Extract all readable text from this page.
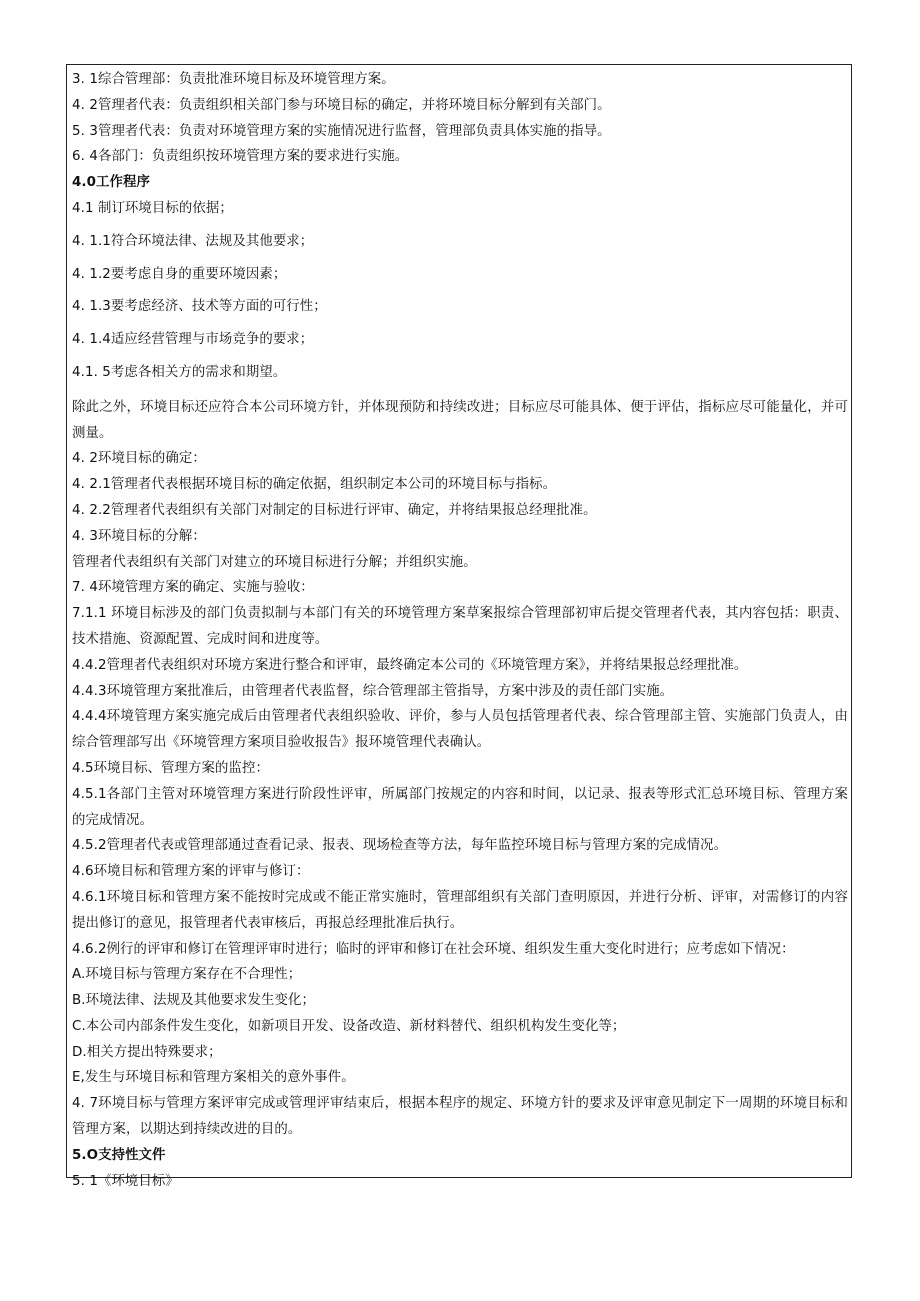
3. 1综合管理部：负责批准环境目标及环境管理方案。
4. 2管理者代表：负责组织相关部门参与环境目标的确定，并将环境目标分解到有关部门。
5. 3管理者代表：负责对环境管理方案的实施情况进行监督，管理部负责具体实施的指导。
6. 4各部门：负责组织按环境管理方案的要求进行实施。
4.0工作程序
4.1 制订环境目标的依据；
4. 1.1符合环境法律、法规及其他要求；
4. 1.2要考虑自身的重要环境因素；
4. 1.3要考虑经济、技术等方面的可行性；
4. 1.4适应经营管理与市场竞争的要求；
4.1. 5考虑各相关方的需求和期望。
除此之外，环境目标还应符合本公司环境方针，并体现预防和持续改进；目标应尽可能具体、便于评估，指标应尽可能量化，并可测量。
4. 2环境目标的确定：
4. 2.1管理者代表根据环境目标的确定依据，组织制定本公司的环境目标与指标。
4. 2.2管理者代表组织有关部门对制定的目标进行评审、确定，并将结果报总经理批准。
4. 3环境目标的分解：
管理者代表组织有关部门对建立的环境目标进行分解；并组织实施。
7. 4环境管理方案的确定、实施与验收：
7.1.1 环境目标涉及的部门负责拟制与本部门有关的环境管理方案草案报综合管理部初审后提交管理者代表，其内容包括：职责、技术措施、资源配置、完成时间和进度等。
4.4.2管理者代表组织对环境方案进行整合和评审，最终确定本公司的《环境管理方案》，并将结果报总经理批准。
4.4.3环境管理方案批准后，由管理者代表监督，综合管理部主管指导，方案中涉及的责任部门实施。
4.4.4环境管理方案实施完成后由管理者代表组织验收、评价，参与人员包括管理者代表、综合管理部主管、实施部门负责人，由综合管理部写出《环境管理方案项目验收报告》报环境管理代表确认。
4.5环境目标、管理方案的监控：
4.5.1各部门主管对环境管理方案进行阶段性评审，所属部门按规定的内容和时间，以记录、报表等形式汇总环境目标、管理方案的完成情况。
4.5.2管理者代表或管理部通过查看记录、报表、现场检查等方法，每年监控环境目标与管理方案的完成情况。
4.6环境目标和管理方案的评审与修订：
4.6.1环境目标和管理方案不能按时完成或不能正常实施时，管理部组织有关部门查明原因，并进行分析、评审，对需修订的内容提出修订的意见，报管理者代表审核后，再报总经理批准后执行。
4.6.2例行的评审和修订在管理评审时进行；临时的评审和修订在社会环境、组织发生重大变化时进行；应考虑如下情况：
A.环境目标与管理方案存在不合理性；
B.环境法律、法规及其他要求发生变化；
C.本公司内部条件发生变化，如新项目开发、设备改造、新材料替代、组织机构发生变化等；
D.相关方提出特殊要求；
E,发生与环境目标和管理方案相关的意外事件。
4. 7环境目标与管理方案评审完成或管理评审结束后，根据本程序的规定、环境方针的要求及评审意见制定下一周期的环境目标和管理方案，以期达到持续改进的目的。
5.O支持性文件
5. 1《环境目标》
